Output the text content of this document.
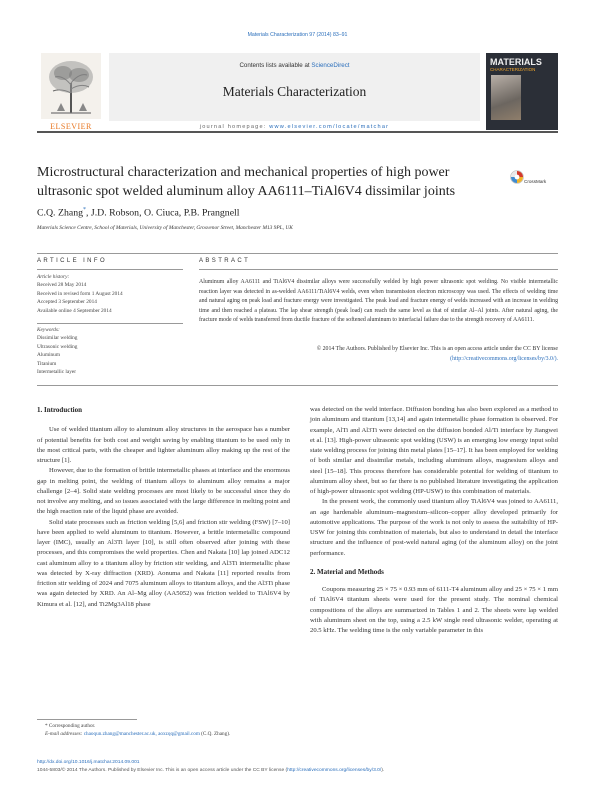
Materials Characterization 97 (2014) 83–91
ELSEVIER
Contents lists available at ScienceDirect
Materials Characterization
journal homepage: www.elsevier.com/locate/matchar
MATERIALS
CHARACTERIZATION
Microstructural characterization and mechanical properties of high power ultrasonic spot welded aluminum alloy AA6111–TiAl6V4 dissimilar joints
CrossMark
C.Q. Zhang*, J.D. Robson, O. Ciuca, P.B. Prangnell
Materials Science Centre, School of Materials, University of Manchester, Grosvenor Street, Manchester M13 9PL, UK
ARTICLE INFO
Article history:
Received 28 May 2014
Received in revised form 1 August 2014
Accepted 3 September 2014
Available online 4 September 2014
Keywords:
Dissimilar welding
Ultrasonic welding
Aluminum
Titanium
Intermetallic layer
ABSTRACT
Aluminum alloy AA6111 and TiAl6V4 dissimilar alloys were successfully welded by high power ultrasonic spot welding. No visible intermetallic reaction layer was detected in as-welded AA6111/TiAl6V4 welds, even when transmission electron microscopy was used. The effects of welding time and natural aging on peak load and fracture energy were investigated. The peak load and fracture energy of welds increased with an increase in welding time and then reached a plateau. The lap shear strength (peak load) can reach the same level as that of similar Al–Al joints. After natural aging, the fracture mode of welds transferred from ductile fracture of the softened aluminum to interfacial failure due to the strength recovery of AA6111.
© 2014 The Authors. Published by Elsevier Inc. This is an open access article under the CC BY license
(http://creativecommons.org/licenses/by/3.0/).
1. Introduction

Use of welded titanium alloy to aluminum alloy structures in the aerospace has a number of potential benefits for both cost and weight saving by enabling titanium to be used only in the most critical parts, with the cheaper and lighter aluminum alloy making up the rest of the structure [1].

However, due to the formation of brittle intermetallic phases at interface and the enormous gap in melting point, the welding of titanium alloys to aluminum alloy remains a major challenge [2–4]. Solid state welding processes are most likely to be successful since they do not involve any melting, and so issues associated with the large difference in melting point and the high reaction rate of the liquid phase are avoided.

Solid state processes such as friction welding [5,6] and friction stir welding (FSW) [7–10] have been applied to weld aluminum to titanium. However, a brittle intermetallic compound layer (IMC), usually an Al3Ti layer [10], is still often observed after joining with these processes, and this compromises the weld properties. Chen and Nakata [10] lap joined ADC12 cast aluminum alloy to a titanium alloy by friction stir welding, and Al3Ti intermetallic phase was detected by X-ray diffraction (XRD). Aonuma and Nakata [11] reported results from friction stir welding of 2024 and 7075 aluminum alloys to titanium alloys, and the Al3Ti phase was again detected by XRD. An Al–Mg alloy (AA5052) was friction welded to TiAl6V4 by Kimura et al. [12], and Ti2Mg3Al18 phase

was detected on the weld interface. Diffusion bonding has also been explored as a method to join aluminum and titanium [13,14] and again intermetallic phase formation is observed. For example, AlTi and Al3Ti were detected on the diffusion bonded Al/Ti interface by Jiangwei et al. [13]. High-power ultrasonic spot welding (USW) is an emerging low energy input solid state welding process for joining thin metal plates [15–17]. It has been employed for welding of both similar and dissimilar metals, including aluminum alloys, magnesium alloys and steel [15–18]. This process therefore has considerable potential for welding of titanium to aluminum alloy sheet, but so far there is no published literature investigating the application of high-power ultrasonic spot welding (HP-USW) to this combination of materials.

In the present work, the commonly used titanium alloy TiAl6V4 was joined to AA6111, an age hardenable aluminum–magnesium–silicon–copper alloy developed primarily for automotive applications. The purpose of the work is not only to assess the suitability of HP-USW for joining this combination of materials, but also to understand in detail the interface structure and the influence of post-weld natural aging (of the aluminum alloy) on the joint performance.

2. Material and Methods

Coupons measuring 25 × 75 × 0.93 mm of 6111-T4 aluminum alloy and 25 × 75 × 1 mm of TiAl6V4 titanium sheets were used for the present study. The nominal chemical compositions of the alloys are summarized in Tables 1 and 2. The sheets were lap welded with aluminum sheet on the top, using a 2.5 kW single reed ultrasonic welder, operating at 20.5 kHz. The welding time is the only variable parameter in this

* Corresponding author.
E-mail addresses: chaoqun.zhang@manchester.ac.uk, aoxzqq@gmail.com (C.Q. Zhang).
http://dx.doi.org/10.1016/j.matchar.2014.09.001
1044-5803/© 2014 The Authors. Published by Elsevier Inc. This is an open access article under the CC BY license (http://creativecommons.org/licenses/by/3.0/).
